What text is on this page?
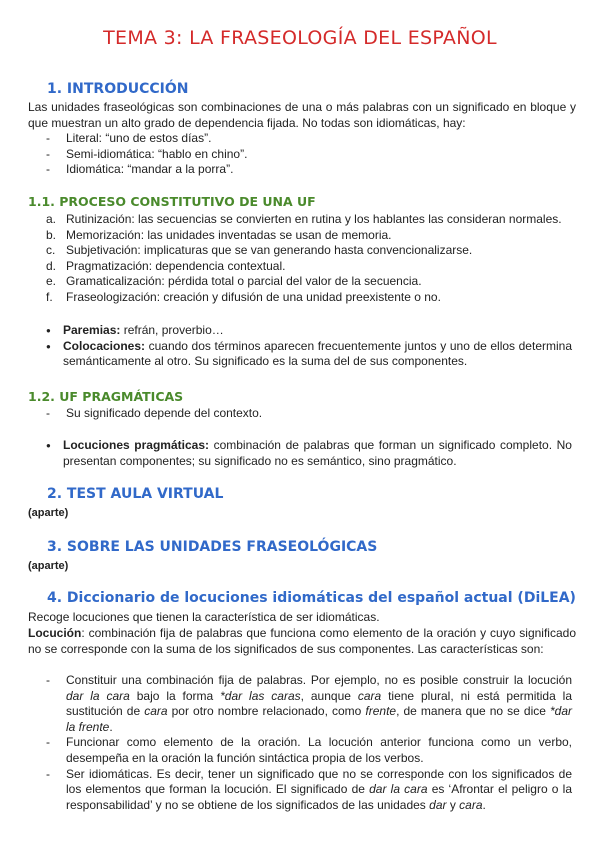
TEMA 3: LA FRASEOLOGÍA DEL ESPAÑOL
1. INTRODUCCIÓN

Las unidades fraseológicas son combinaciones de una o más palabras con un significado en bloque y que muestran un alto grado de dependencia fijada. No todas son idiomáticas, hay:

- Literal: “uno de estos días”.
- Semi-idiomática: “hablo en chino”.
- Idiomática: “mandar a la porra”.
1.1. PROCESO CONSTITUTIVO DE UNA UF
a. Rutinización: las secuencias se convierten en rutina y los hablantes las consideran normales.
b. Memorización: las unidades inventadas se usan de memoria.
c. Subjetivación: implicaturas que se van generando hasta convencionalizarse.
d. Pragmatización: dependencia contextual.
e. Gramaticalización: pérdida total o parcial del valor de la secuencia.
f. Fraseologización: creación y difusión de una unidad preexistente o no.
● Paremias: refrán, proverbio…
● Colocaciones: cuando dos términos aparecen frecuentemente juntos y uno de ellos determina semánticamente al otro. Su significado es la suma del de sus componentes.
1.2. UF PRAGMÁTICAS
- Su significado depende del contexto.
● Locuciones pragmáticas: combinación de palabras que forman un significado completo. No presentan componentes; su significado no es semántico, sino pragmático.
2. TEST AULA VIRTUAL
(aparte)
3. SOBRE LAS UNIDADES FRASEOLÓGICAS
(aparte)
4. Diccionario de locuciones idiomáticas del español actual (DiLEA)

Recoge locuciones que tienen la característica de ser idiomáticas.

Locución: combinación fija de palabras que funciona como elemento de la oración y cuyo significado no se corresponde con la suma de los significados de sus componentes. Las características son:

- Constituir una combinación fija de palabras. Por ejemplo, no es posible construir la locución dar la cara bajo la forma *dar las caras, aunque cara tiene plural, ni está permitida la sustitución de cara por otro nombre relacionado, como frente, de manera que no se dice *dar la frente.
- Funcionar como elemento de la oración. La locución anterior funciona como un verbo, desempeña en la oración la función sintáctica propia de los verbos.
- Ser idiomáticas. Es decir, tener un significado que no se corresponde con los significados de los elementos que forman la locución. El significado de dar la cara es ‘Afrontar el peligro o la responsabilidad’ y no se obtiene de los significados de las unidades dar y cara.
